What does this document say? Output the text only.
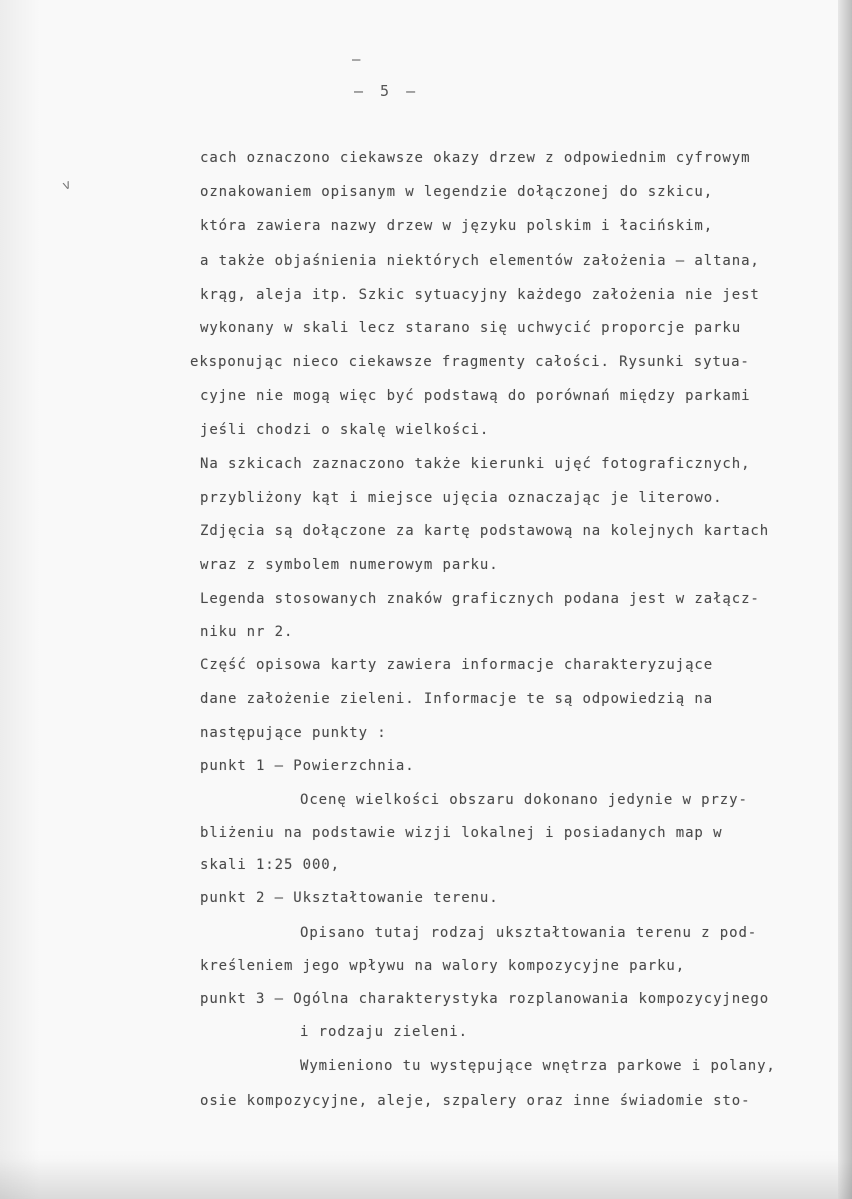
–
– 5 –
v
cach oznaczono ciekawsze okazy drzew z odpowiednim cyfrowym
oznakowaniem opisanym w legendzie dołączonej do szkicu,
która zawiera nazwy drzew w języku polskim i łacińskim,
a także objaśnienia niektórych elementów założenia – altana,
krąg, aleja itp. Szkic sytuacyjny każdego założenia nie jest
wykonany w skali lecz starano się uchwycić proporcje parku
eksponując nieco ciekawsze fragmenty całości. Rysunki sytua-
cyjne nie mogą więc być podstawą do porównań między parkami
jeśli chodzi o skalę wielkości.
Na szkicach zaznaczono także kierunki ujęć fotograficznych,
przybliżony kąt i miejsce ujęcia oznaczając je literowo.
Zdjęcia są dołączone za kartę podstawową na kolejnych kartach
wraz z symbolem numerowym parku.
Legenda stosowanych znaków graficznych podana jest w załącz-
niku nr 2.
Część opisowa karty zawiera informacje charakteryzujące
dane założenie zieleni. Informacje te są odpowiedzią na
następujące punkty :
punkt 1 – Powierzchnia.
Ocenę wielkości obszaru dokonano jedynie w przy-
bliżeniu na podstawie wizji lokalnej i posiadanych map w
skali 1:25 000,
punkt 2 – Ukształtowanie terenu.
Opisano tutaj rodzaj ukształtowania terenu z pod-
kreśleniem jego wpływu na walory kompozycyjne parku,
punkt 3 – Ogólna charakterystyka rozplanowania kompozycyjnego
i rodzaju zieleni.
Wymieniono tu występujące wnętrza parkowe i polany,
osie kompozycyjne, aleje, szpalery oraz inne świadomie sto-
